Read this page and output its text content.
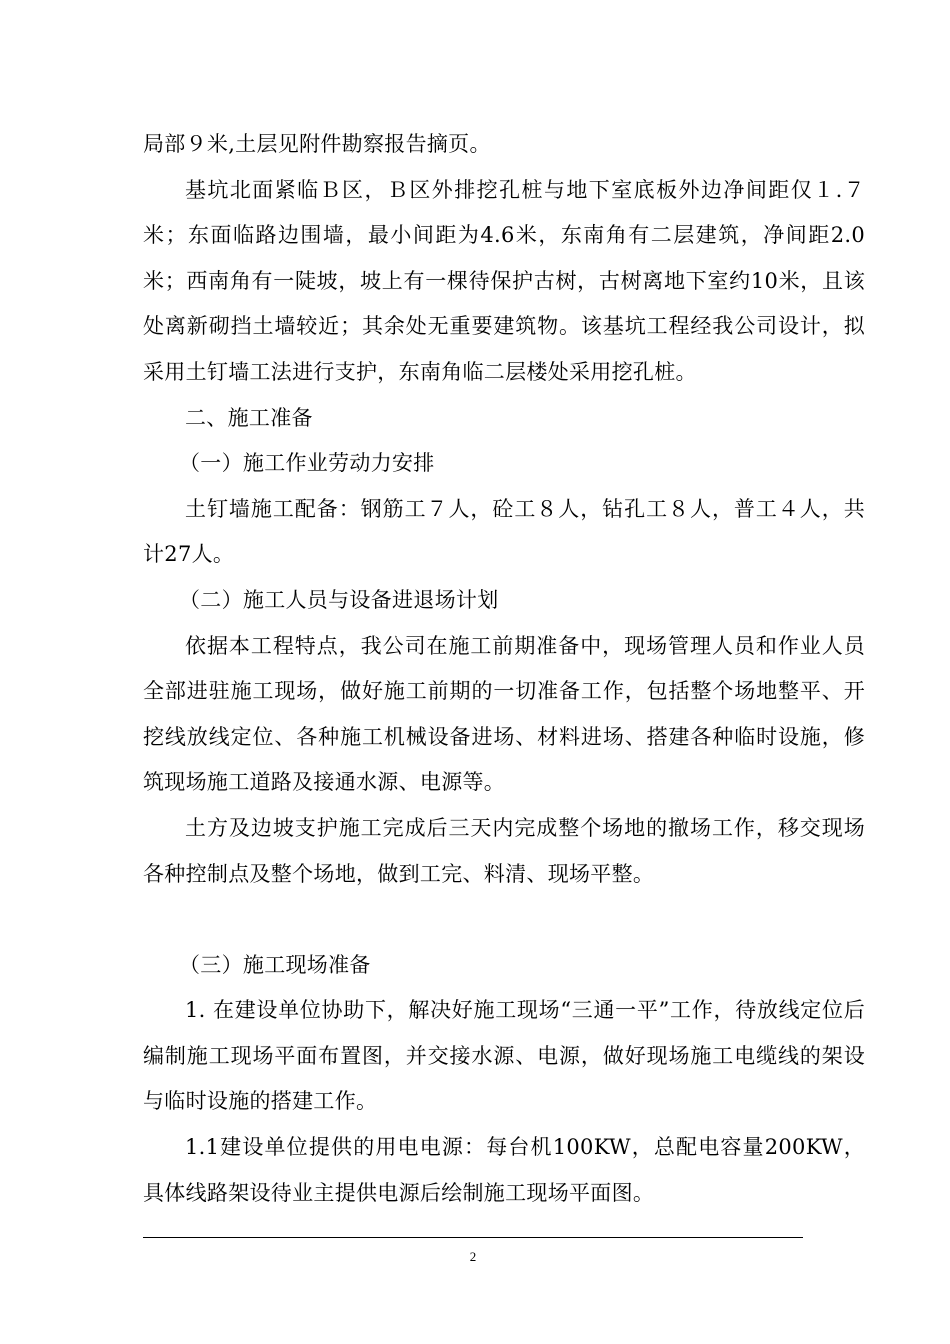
局部９米,土层见附件勘察报告摘页。

基坑北面紧临Ｂ区，Ｂ区外排挖孔桩与地下室底板外边净间距仅１.７米；东面临路边围墙，最小间距为4.6米，东南角有二层建筑，净间距2.0米；西南角有一陡坡，坡上有一棵待保护古树，古树离地下室约10米，且该处离新砌挡土墙较近；其余处无重要建筑物。该基坑工程经我公司设计，拟采用土钉墙工法进行支护，东南角临二层楼处采用挖孔桩。

二、施工准备

（一）施工作业劳动力安排

土钉墙施工配备：钢筋工７人，砼工８人，钻孔工８人，普工４人，共计27人。

（二）施工人员与设备进退场计划

依据本工程特点，我公司在施工前期准备中，现场管理人员和作业人员全部进驻施工现场，做好施工前期的一切准备工作，包括整个场地整平、开挖线放线定位、各种施工机械设备进场、材料进场、搭建各种临时设施，修筑现场施工道路及接通水源、电源等。

土方及边坡支护施工完成后三天内完成整个场地的撤场工作，移交现场各种控制点及整个场地，做到工完、料清、现场平整。

（三）施工现场准备

1. 在建设单位协助下，解决好施工现场“三通一平”工作，待放线定位后编制施工现场平面布置图，并交接水源、电源，做好现场施工电缆线的架设与临时设施的搭建工作。

1.1建设单位提供的用电电源：每台机100KW，总配电容量200KW，具体线路架设待业主提供电源后绘制施工现场平面图。

2
